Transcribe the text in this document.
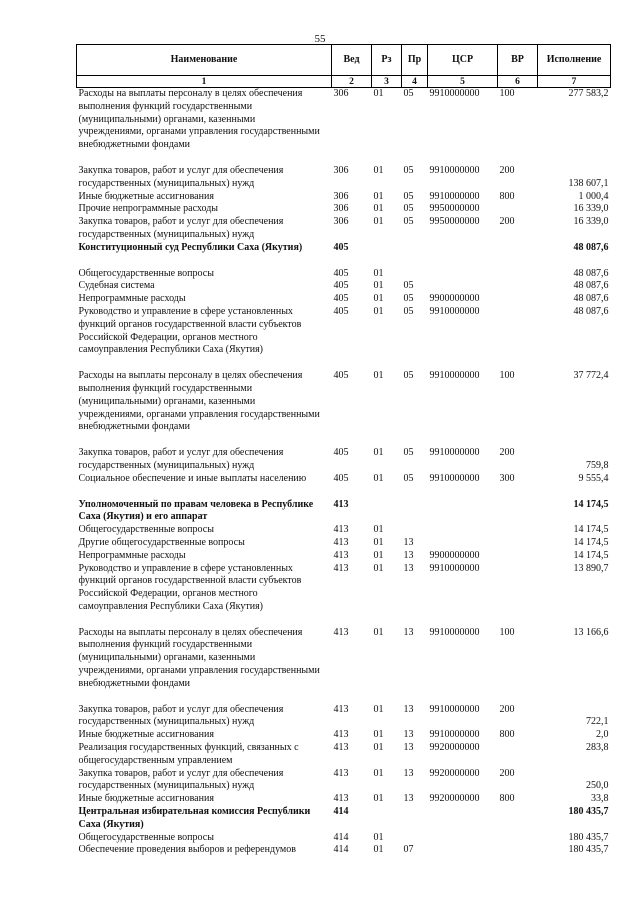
55
Наименование	Вед	Рз	Пр	ЦСР	ВР	Исполнение
1	2	3	4	5	6	7

Расходы на выплаты персоналу в целях обеспечения
выполнения функций государственными
(муниципальными) органами, казенными
учреждениями, органами управления государственными
внебюджетными фондами	306	01	05	9910000000	100	277 583,2

Закупка товаров, работ и услуг для обеспечения
государственных (муниципальных) нужд	306	01	05	9910000000	200	138 607,1
Иные бюджетные ассигнования	306	01	05	9910000000	800	1 000,4
Прочие непрограммные расходы	306	01	05	9950000000		16 339,0

Закупка товаров, работ и услуг для обеспечения
государственных (муниципальных) нужд	306	01	05	9950000000	200	16 339,0
Конституционный суд Республики Саха (Якутия)	405					48 087,6

Общегосударственные вопросы	405	01				48 087,6
Судебная система	405	01	05			48 087,6
Непрограммные расходы	405	01	05	9900000000		48 087,6

Руководство и управление в сфере установленных
функций органов государственной власти субъектов
Российской Федерации, органов местного
самоуправления Республики Саха (Якутия)	405	01	05	9910000000		48 087,6

Расходы на выплаты персоналу в целях обеспечения
выполнения функций государственными
(муниципальными) органами, казенными
учреждениями, органами управления государственными
внебюджетными фондами	405	01	05	9910000000	100	37 772,4

Закупка товаров, работ и услуг для обеспечения
государственных (муниципальных) нужд	405	01	05	9910000000	200	759,8
Социальное обеспечение и иные выплаты населению	405	01	05	9910000000	300	9 555,4

Уполномоченный по правам человека в Республике
Саха (Якутия) и его аппарат	413					14 174,5
Общегосударственные вопросы	413	01				14 174,5
Другие общегосударственные вопросы	413	01	13			14 174,5
Непрограммные расходы	413	01	13	9900000000		14 174,5

Руководство и управление в сфере установленных
функций органов государственной власти субъектов
Российской Федерации, органов местного
самоуправления Республики Саха (Якутия)	413	01	13	9910000000		13 890,7

Расходы на выплаты персоналу в целях обеспечения
выполнения функций государственными
(муниципальными) органами, казенными
учреждениями, органами управления государственными
внебюджетными фондами	413	01	13	9910000000	100	13 166,6

Закупка товаров, работ и услуг для обеспечения
государственных (муниципальных) нужд	413	01	13	9910000000	200	722,1
Иные бюджетные ассигнования	413	01	13	9910000000	800	2,0

Реализация государственных функций, связанных с
общегосударственным управлением	413	01	13	9920000000		283,8

Закупка товаров, работ и услуг для обеспечения
государственных (муниципальных) нужд	413	01	13	9920000000	200	250,0
Иные бюджетные ассигнования	413	01	13	9920000000	800	33,8

Центральная избирательная комиссия Республики
Саха (Якутия)	414					180 435,7
Общегосударственные вопросы	414	01				180 435,7
Обеспечение проведения выборов и референдумов	414	01	07			180 435,7
